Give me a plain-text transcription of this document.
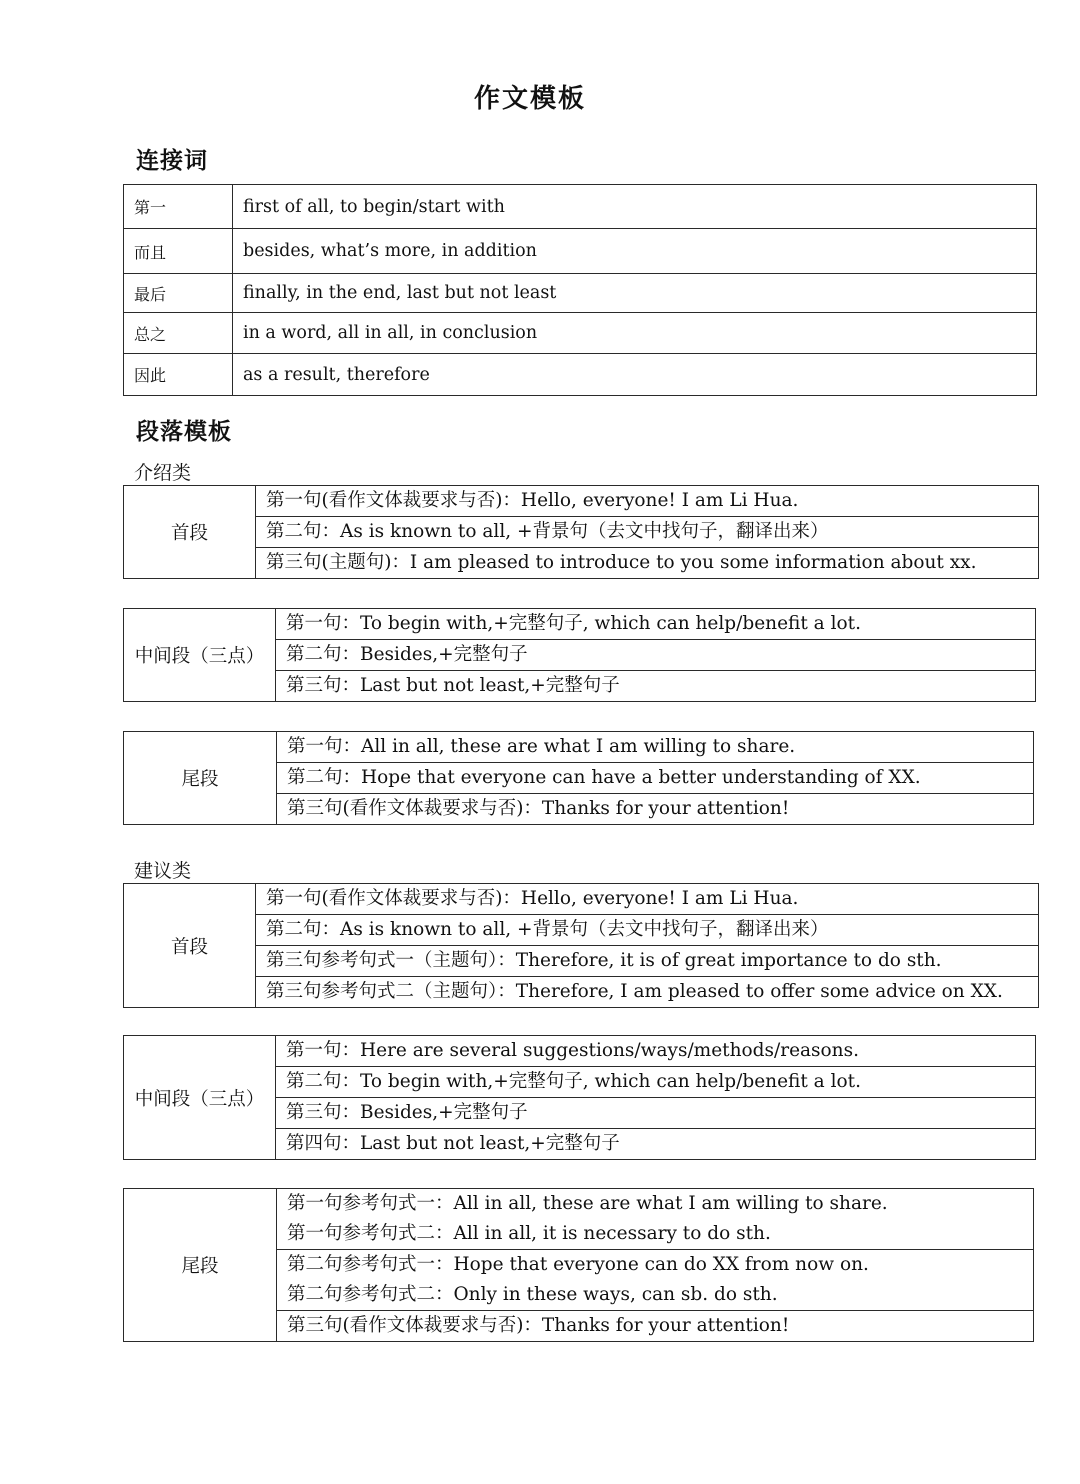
作文模板
连接词
第一	first of all, to begin/start with
而且	besides, what’s more, in addition
最后	finally, in the end, last but not least
总之	in a word, all in all, in conclusion
因此	as a result, therefore
段落模板
介绍类
首段	第一句(看作文体裁要求与否)：Hello, everyone! I am Li Hua.
第二句：As is known to all, +背景句（去文中找句子，翻译出来）
第三句(主题句)：I am pleased to introduce to you some information about xx.
中间段（三点）	第一句：To begin with,+完整句子, which can help/benefit a lot.
第二句：Besides,+完整句子
第三句：Last but not least,+完整句子
尾段	第一句：All in all, these are what I am willing to share.
第二句：Hope that everyone can have a better understanding of XX.
第三句(看作文体裁要求与否)：Thanks for your attention!
建议类
首段	第一句(看作文体裁要求与否)：Hello, everyone! I am Li Hua.
第二句：As is known to all, +背景句（去文中找句子，翻译出来）
第三句参考句式一（主题句）：Therefore, it is of great importance to do sth.
第三句参考句式二（主题句）：Therefore, I am pleased to offer some advice on XX.
中间段（三点）	第一句：Here are several suggestions/ways/methods/reasons.
第二句：To begin with,+完整句子, which can help/benefit a lot.
第三句：Besides,+完整句子
第四句：Last but not least,+完整句子
尾段	
第一句参考句式一：All in all, these are what I am willing to share.
第一句参考句式二：All in all, it is necessary to do sth.

第二句参考句式一：Hope that everyone can do XX from now on.
第二句参考句式二：Only in these ways, can sb. do sth.

第三句(看作文体裁要求与否)：Thanks for your attention!
